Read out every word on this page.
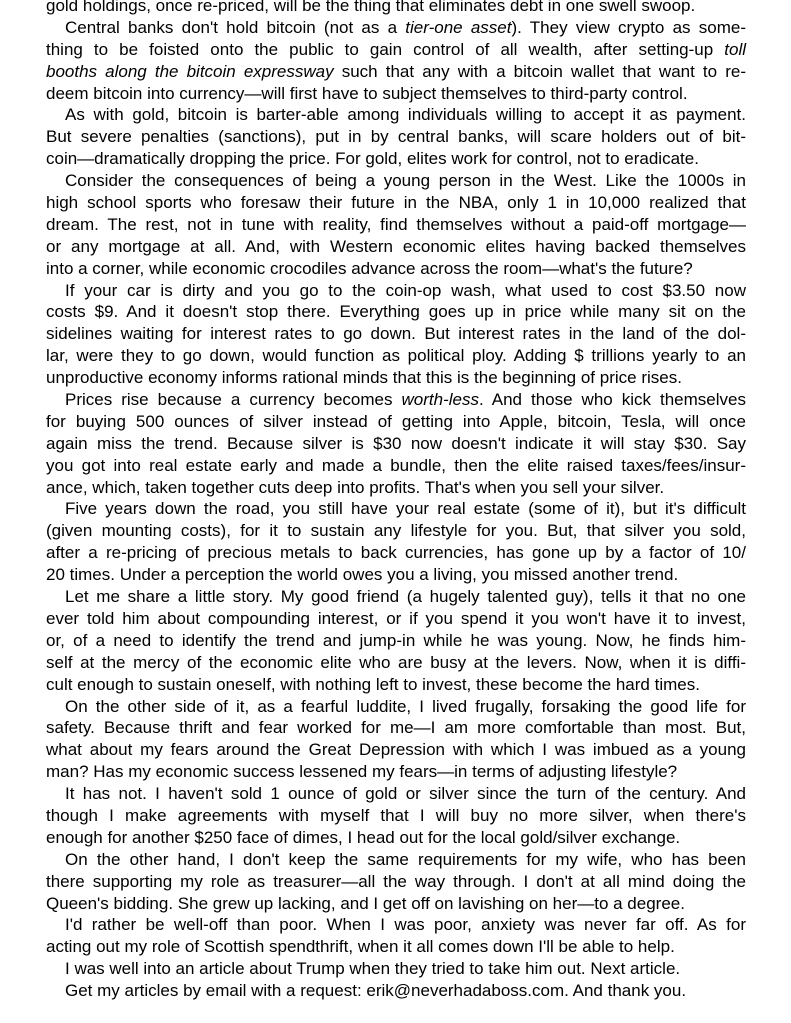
gold holdings, once re-priced, will be the thing that eliminates debt in one swell swoop.
Central banks don't hold bitcoin (not as a tier-one asset). They view crypto as some-
thing to be foisted onto the public to gain control of all wealth, after setting-up toll
booths along the bitcoin expressway such that any with a bitcoin wallet that want to re-
deem bitcoin into currency—will first have to subject themselves to third-party control.
As with gold, bitcoin is barter-able among individuals willing to accept it as payment.
But severe penalties (sanctions), put in by central banks, will scare holders out of bit-
coin—dramatically dropping the price. For gold, elites work for control, not to eradicate.
Consider the consequences of being a young person in the West. Like the 1000s in
high school sports who foresaw their future in the NBA, only 1 in 10,000 realized that
dream. The rest, not in tune with reality, find themselves without a paid-off mortgage—
or any mortgage at all. And, with Western economic elites having backed themselves
into a corner, while economic crocodiles advance across the room—what's the future?
If your car is dirty and you go to the coin-op wash, what used to cost $3.50 now
costs $9. And it doesn't stop there. Everything goes up in price while many sit on the
sidelines waiting for interest rates to go down. But interest rates in the land of the dol-
lar, were they to go down, would function as political ploy. Adding $ trillions yearly to an
unproductive economy informs rational minds that this is the beginning of price rises.
Prices rise because a currency becomes worth-less. And those who kick themselves
for buying 500 ounces of silver instead of getting into Apple, bitcoin, Tesla, will once
again miss the trend. Because silver is $30 now doesn't indicate it will stay $30. Say
you got into real estate early and made a bundle, then the elite raised taxes/fees/insur-
ance, which, taken together cuts deep into profits. That's when you sell your silver.
Five years down the road, you still have your real estate (some of it), but it's difficult
(given mounting costs), for it to sustain any lifestyle for you. But, that silver you sold,
after a re-pricing of precious metals to back currencies, has gone up by a factor of 10/
20 times. Under a perception the world owes you a living, you missed another trend.
Let me share a little story. My good friend (a hugely talented guy), tells it that no one
ever told him about compounding interest, or if you spend it you won't have it to invest,
or, of a need to identify the trend and jump-in while he was young. Now, he finds him-
self at the mercy of the economic elite who are busy at the levers. Now, when it is diffi-
cult enough to sustain oneself, with nothing left to invest, these become the hard times.
On the other side of it, as a fearful luddite, I lived frugally, forsaking the good life for
safety. Because thrift and fear worked for me—I am more comfortable than most. But,
what about my fears around the Great Depression with which I was imbued as a young
man? Has my economic success lessened my fears—in terms of adjusting lifestyle?
It has not. I haven't sold 1 ounce of gold or silver since the turn of the century. And
though I make agreements with myself that I will buy no more silver, when there's
enough for another $250 face of dimes, I head out for the local gold/silver exchange.
On the other hand, I don't keep the same requirements for my wife, who has been
there supporting my role as treasurer—all the way through. I don't at all mind doing the
Queen's bidding. She grew up lacking, and I get off on lavishing on her—to a degree.
I'd rather be well-off than poor. When I was poor, anxiety was never far off. As for
acting out my role of Scottish spendthrift, when it all comes down I'll be able to help.
I was well into an article about Trump when they tried to take him out. Next article.
Get my articles by email with a request: erik@neverhadaboss.com. And thank you.
